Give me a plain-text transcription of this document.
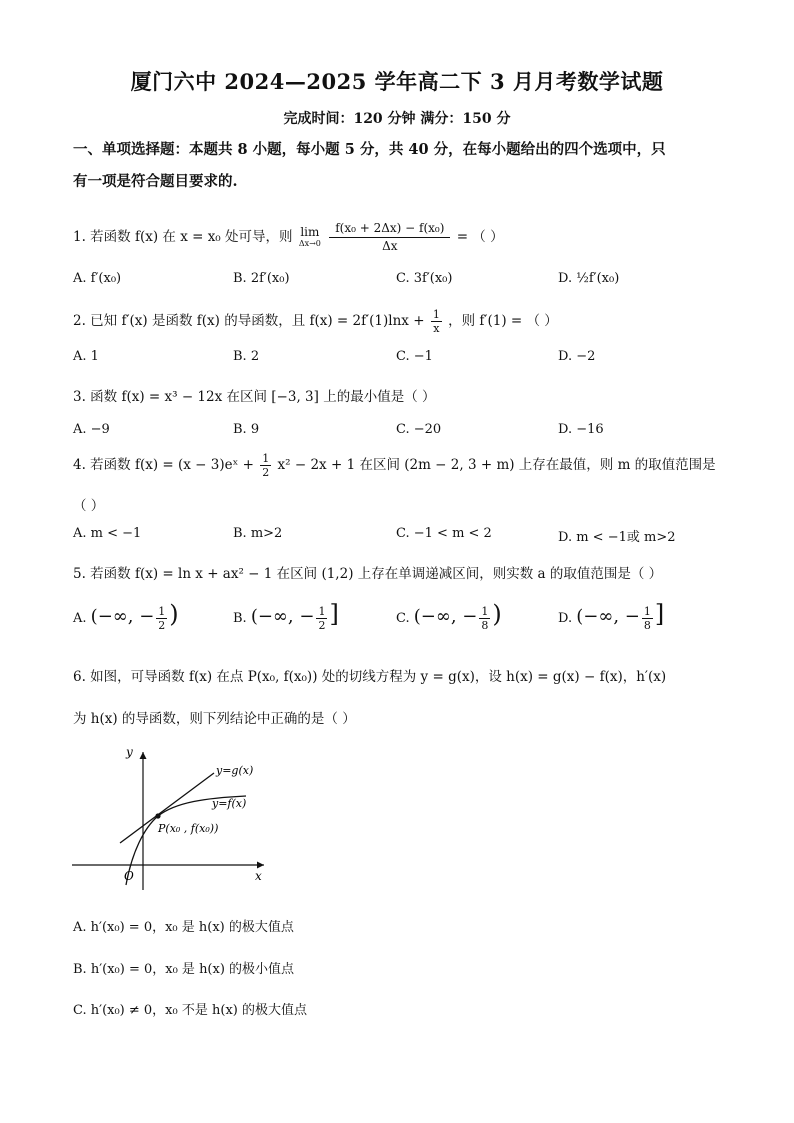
厦门六中 2024—2025 学年高二下 3 月月考数学试题
完成时间：120 分钟 满分：150 分
一、单项选择题：本题共 8 小题，每小题 5 分，共 40 分，在每小题给出的四个选项中，只
有一项是符合题目要求的.
1. 若函数 f(x) 在 x = x₀ 处可导，则 lim
Δx→0
$\frac{\text{f(x₀ + 2Δx) − f(x₀)}}{\Delta x}$ = （ ）
A. f′(x₀)	B. 2f′(x₀)	C. 3f′(x₀)	D. ½f′(x₀)
2. 已知 f′(x) 是函数 f(x) 的导函数，且 $f(x) = 2f'(1)\ln x + \frac{1}{x}$ ，则 f′(1) = （ ）
A. 1	B. 2	C. −1	D. −2
3. 函数 f(x) = x³ − 12x 在区间 [−3, 3] 上的最小值是（ ）
A. −9	B. 9	C. −20	D. −16
4. 若函数 f(x) = (x − 3)eˣ + $\frac{1}{2} x^2 - 2x + 1$ 在区间 (2m − 2, 3 + m) 上存在最值，则 m 的取值范围是
（ ）
A. m < −1	B. m>2	C. −1 < m < 2	D. m < −1或 m>2
5. 若函数 f(x) = ln x + ax² − 1 在区间 (1,2) 上存在单调递减区间，则实数 a 的取值范围是（ ）
A. (−∞, − $\frac{1}{2}$ )	B. (−∞, − $\frac{1}{2}$ ]	C. (−∞, − $\frac{1}{8}$ )	D. (−∞, − $\frac{1}{8}$ ]
6. 如图，可导函数 f(x) 在点 P(x₀, f(x₀)) 处的切线方程为 y = g(x)，设 h(x) = g(x) − f(x)，h′(x)
为 h(x) 的导函数，则下列结论中正确的是（ ）
y
x
O
y=g(x)
y=f(x)
P(x₀ , f(x₀))
A. h′(x₀) = 0，x₀ 是 h(x) 的极大值点
B. h′(x₀) = 0，x₀ 是 h(x) 的极小值点
C. h′(x₀) ≠ 0，x₀ 不是 h(x) 的极大值点
